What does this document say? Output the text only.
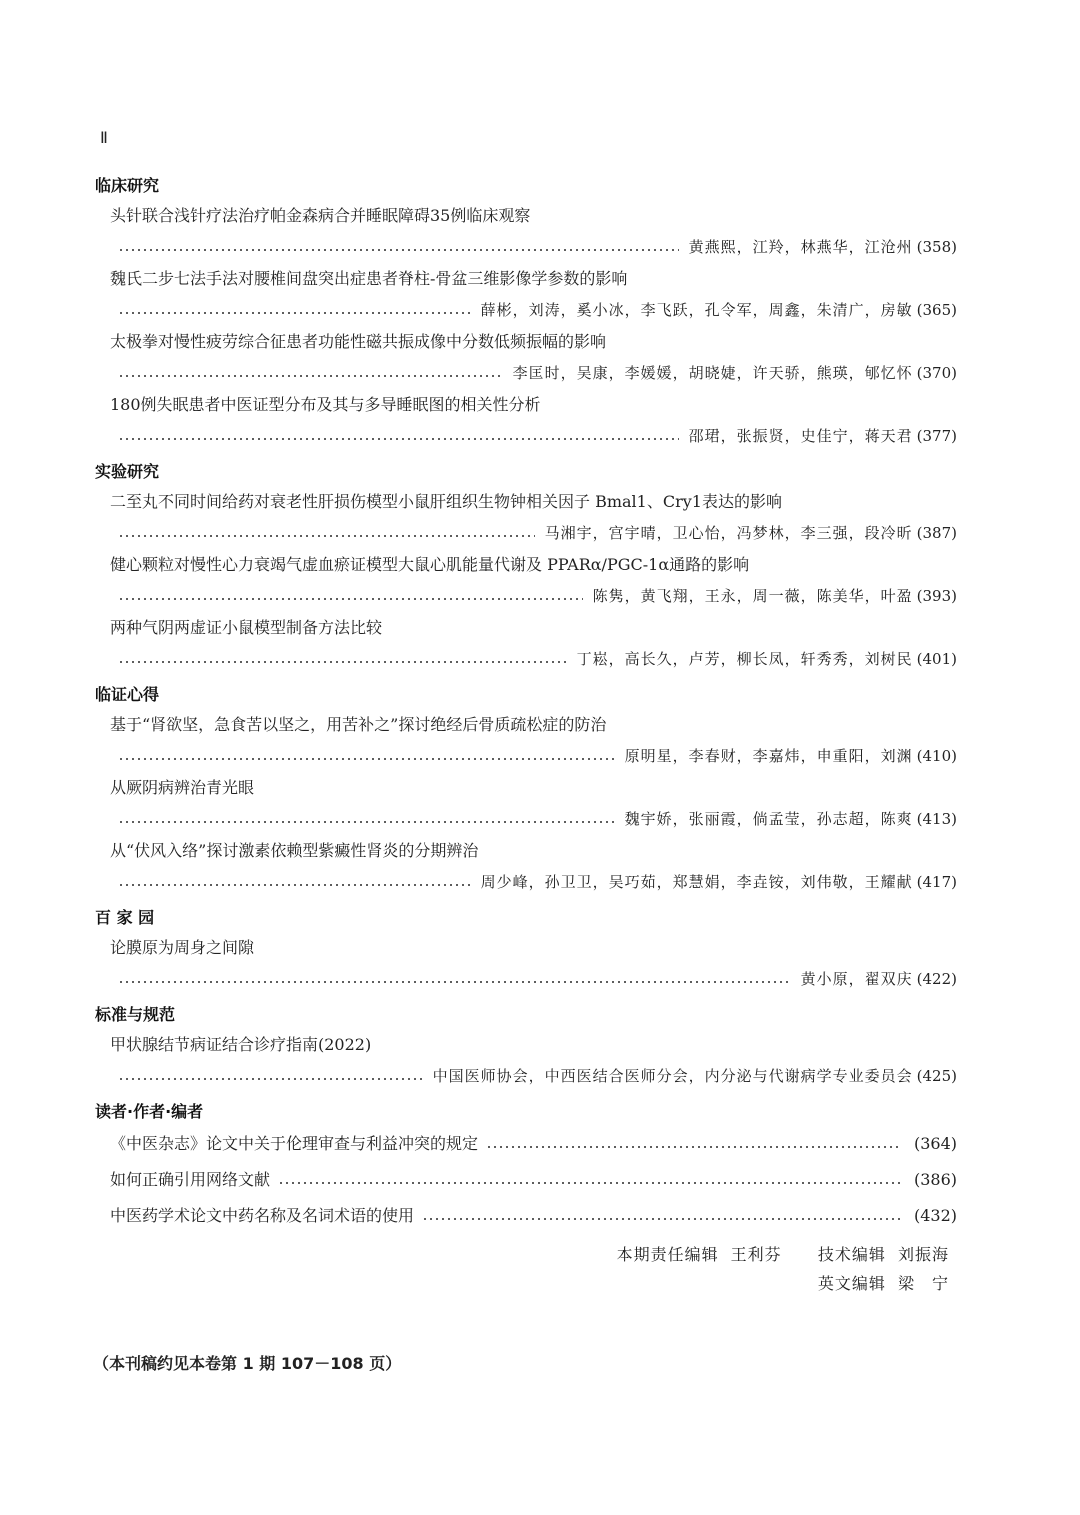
Ⅱ
临床研究
头针联合浅针疗法治疗帕金森病合并睡眠障碍35例临床观察
黄燕熙，江羚，林燕华，江沧州 (358)
魏氏二步七法手法对腰椎间盘突出症患者脊柱-骨盆三维影像学参数的影响
薛彬，刘涛，奚小冰，李飞跃，孔令军，周鑫，朱清广，房敏 (365)
太极拳对慢性疲劳综合征患者功能性磁共振成像中分数低频振幅的影响
李匡时，吴康，李媛媛，胡晓婕，许天骄，熊瑛，郇忆怀 (370)
180例失眠患者中医证型分布及其与多导睡眠图的相关性分析
邵珺，张振贤，史佳宁，蒋天君 (377)
实验研究
二至丸不同时间给药对衰老性肝损伤模型小鼠肝组织生物钟相关因子 Bmal1、Cry1表达的影响
马湘宇，宫宇晴，卫心怡，冯梦林，李三强，段冷昕 (387)
健心颗粒对慢性心力衰竭气虚血瘀证模型大鼠心肌能量代谢及 PPARα/PGC-1α通路的影响
陈隽，黄飞翔，王永，周一薇，陈美华，叶盈 (393)
两种气阴两虚证小鼠模型制备方法比较
丁崧，高长久，卢芳，柳长凤，轩秀秀，刘树民 (401)
临证心得
基于“肾欲坚，急食苦以坚之，用苦补之”探讨绝经后骨质疏松症的防治
原明星，李春财，李嘉炜，申重阳，刘渊 (410)
从厥阴病辨治青光眼
魏宇娇，张丽霞，倘孟莹，孙志超，陈爽 (413)
从“伏风入络”探讨激素依赖型紫癜性肾炎的分期辨治
周少峰，孙卫卫，吴巧茹，郑慧娟，李垚铵，刘伟敬，王耀献 (417)
百 家 园
论膜原为周身之间隙
黄小原，翟双庆 (422)
标准与规范
甲状腺结节病证结合诊疗指南(2022)
中国医师协会，中西医结合医师分会，内分泌与代谢病学专业委员会 (425)
读者·作者·编者
《中医杂志》论文中关于伦理审查与利益冲突的规定	(364)
如何正确引用网络文献	(386)
中医药学术论文中药名称及名词术语的使用	(432)
本期责任编辑 王利芬 技术编辑 刘振海
英文编辑 梁　宁
（本刊稿约见本卷第 1 期 107－108 页）
